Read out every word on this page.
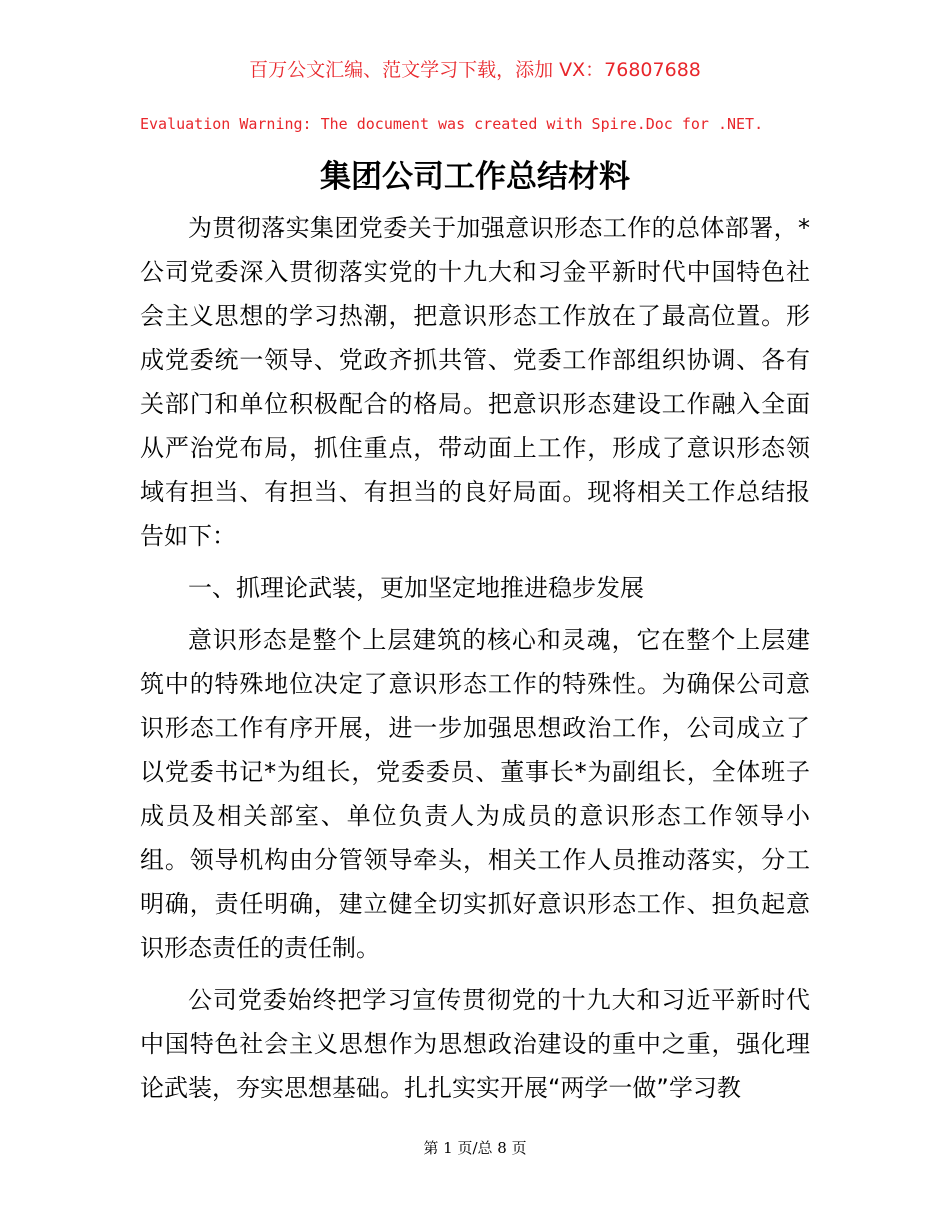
百万公文汇编、范文学习下载，添加 VX：76807688
Evaluation Warning: The document was created with Spire.Doc for .NET.
集团公司工作总结材料

为贯彻落实集团党委关于加强意识形态工作的总体部署，*公司党委深入贯彻落实党的十九大和习金平新时代中国特色社会主义思想的学习热潮，把意识形态工作放在了最高位置。形成党委统一领导、党政齐抓共管、党委工作部组织协调、各有关部门和单位积极配合的格局。把意识形态建设工作融入全面从严治党布局，抓住重点，带动面上工作，形成了意识形态领域有担当、有担当、有担当的良好局面。现将相关工作总结报告如下：

一、抓理论武装，更加坚定地推进稳步发展

意识形态是整个上层建筑的核心和灵魂，它在整个上层建筑中的特殊地位决定了意识形态工作的特殊性。为确保公司意识形态工作有序开展，进一步加强思想政治工作，公司成立了以党委书记*为组长，党委委员、董事长*为副组长，全体班子成员及相关部室、单位负责人为成员的意识形态工作领导小组。领导机构由分管领导牵头，相关工作人员推动落实，分工明确，责任明确，建立健全切实抓好意识形态工作、担负起意识形态责任的责任制。

公司党委始终把学习宣传贯彻党的十九大和习近平新时代中国特色社会主义思想作为思想政治建设的重中之重，强化理论武装，夯实思想基础。扎扎实实开展“两学一做”学习教

第 1 页/总 8 页
